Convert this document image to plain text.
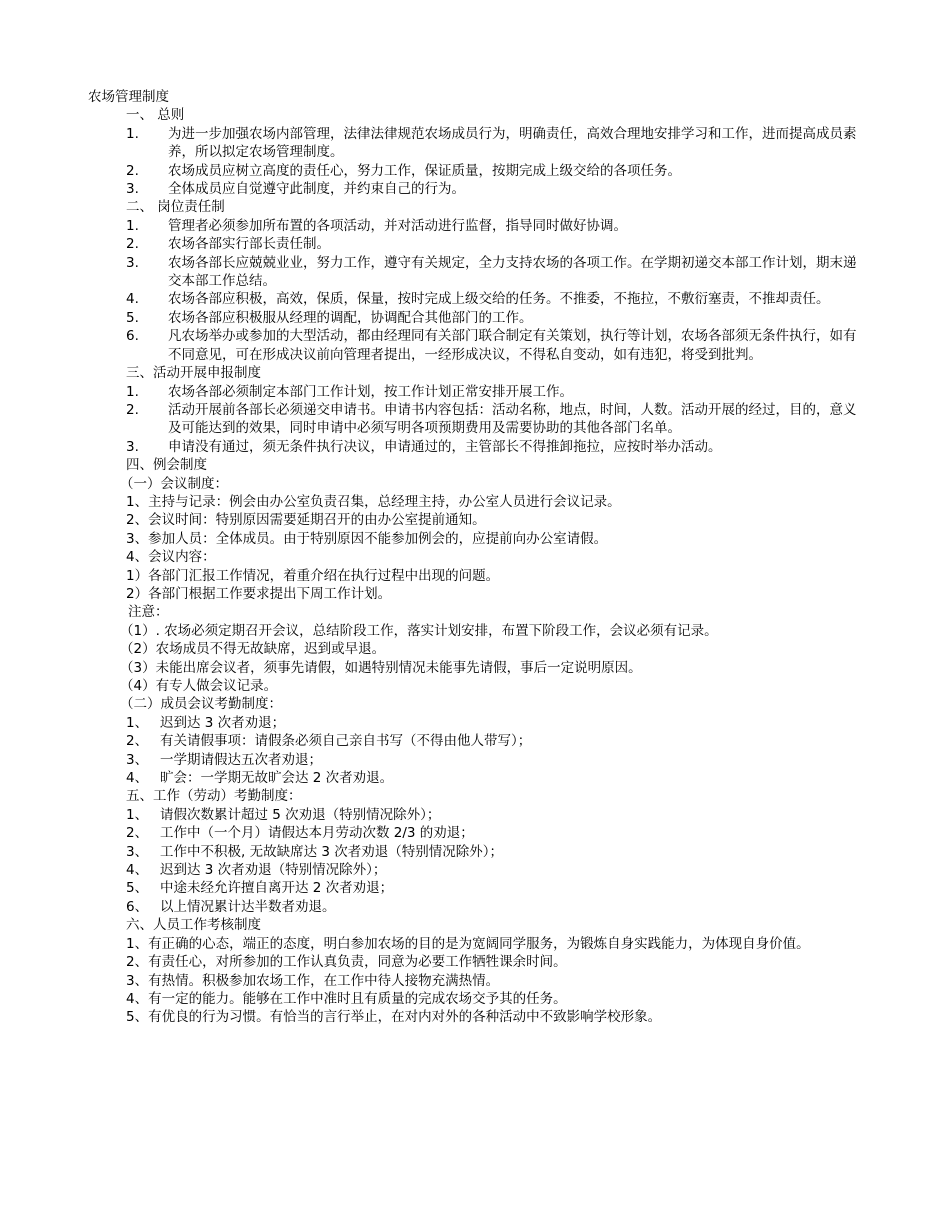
农场管理制度
一、 总则
1. 为进一步加强农场内部管理，法律法律规范农场成员行为，明确责任，高效合理地安排学习和工作，进而提高成员素养，所以拟定农场管理制度。
2. 农场成员应树立高度的责任心，努力工作，保证质量，按期完成上级交给的各项任务。
3. 全体成员应自觉遵守此制度，并约束自己的行为。
二、 岗位责任制
1. 管理者必须参加所布置的各项活动，并对活动进行监督，指导同时做好协调。
2. 农场各部实行部长责任制。
3. 农场各部长应兢兢业业，努力工作，遵守有关规定，全力支持农场的各项工作。在学期初递交本部工作计划，期末递交本部工作总结。
4. 农场各部应积极，高效，保质，保量，按时完成上级交给的任务。不推委，不拖拉，不敷衍塞责，不推却责任。
5. 农场各部应积极服从经理的调配，协调配合其他部门的工作。
6. 凡农场举办或参加的大型活动，都由经理同有关部门联合制定有关策划，执行等计划，农场各部须无条件执行，如有不同意见，可在形成决议前向管理者提出，一经形成决议，不得私自变动，如有违犯，将受到批判。
三、活动开展申报制度
1. 农场各部必须制定本部门工作计划，按工作计划正常安排开展工作。
2. 活动开展前各部长必须递交申请书。申请书内容包括：活动名称，地点，时间，人数。活动开展的经过，目的，意义及可能达到的效果，同时申请中必须写明各项预期费用及需要协助的其他各部门名单。
3. 申请没有通过，须无条件执行决议，申请通过的，主管部长不得推卸拖拉，应按时举办活动。
四、例会制度
（一）会议制度：
1、主持与记录：例会由办公室负责召集，总经理主持，办公室人员进行会议记录。
2、会议时间：特别原因需要延期召开的由办公室提前通知。
3、参加人员：全体成员。由于特别原因不能参加例会的，应提前向办公室请假。
4、会议内容：
1）各部门汇报工作情况，着重介绍在执行过程中出现的问题。
2）各部门根据工作要求提出下周工作计划。
注意：
（1）. 农场必须定期召开会议，总结阶段工作，落实计划安排，布置下阶段工作，会议必须有记录。
（2）农场成员不得无故缺席，迟到或早退。
（3）未能出席会议者，须事先请假，如遇特别情况未能事先请假，事后一定说明原因。
（4）有专人做会议记录。
（二）成员会议考勤制度：
1、 迟到达 3 次者劝退；
2、 有关请假事项：请假条必须自己亲自书写（不得由他人带写）；
3、 一学期请假达五次者劝退；
4、 旷会：一学期无故旷会达 2 次者劝退。
五、工作（劳动）考勤制度：
1、 请假次数累计超过 5 次劝退（特别情况除外）；
2、 工作中（一个月）请假达本月劳动次数 2/3 的劝退；
3、 工作中不积极, 无故缺席达 3 次者劝退（特别情况除外）；
4、 迟到达 3 次者劝退（特别情况除外）；
5、 中途未经允许擅自离开达 2 次者劝退；
6、 以上情况累计达半数者劝退。
六、人员工作考核制度
1、有正确的心态，端正的态度，明白参加农场的目的是为宽阔同学服务，为锻炼自身实践能力，为体现自身价值。
2、有责任心，对所参加的工作认真负责，同意为必要工作牺牲课余时间。
3、有热情。积极参加农场工作，在工作中待人接物充满热情。
4、有一定的能力。能够在工作中准时且有质量的完成农场交予其的任务。
5、有优良的行为习惯。有恰当的言行举止，在对内对外的各种活动中不致影响学校形象。
